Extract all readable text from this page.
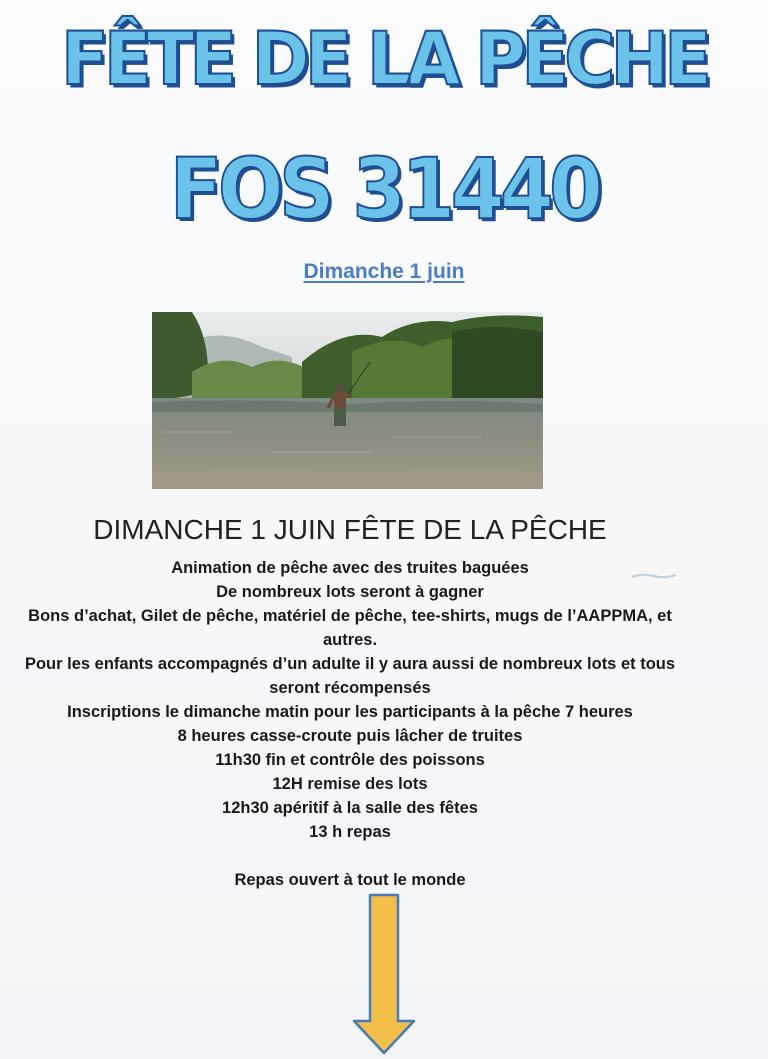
FÊTE DE LA PÊCHE
FOS 31440
Dimanche 1 juin
DIMANCHE 1 JUIN FÊTE DE LA PÊCHE

Animation de pêche avec des truites baguées

De nombreux lots seront à gagner

Bons d’achat, Gilet de pêche, matériel de pêche, tee-shirts, mugs de l’AAPPMA, et autres.

Pour les enfants accompagnés d’un adulte il y aura aussi de nombreux lots et tous seront récompensés

Inscriptions le dimanche matin pour les participants à la pêche 7 heures

8 heures casse-croute puis lâcher de truites

11h30 fin et contrôle des poissons

12H remise des lots

12h30 apéritif à la salle des fêtes

13 h repas

Repas ouvert à tout le monde
